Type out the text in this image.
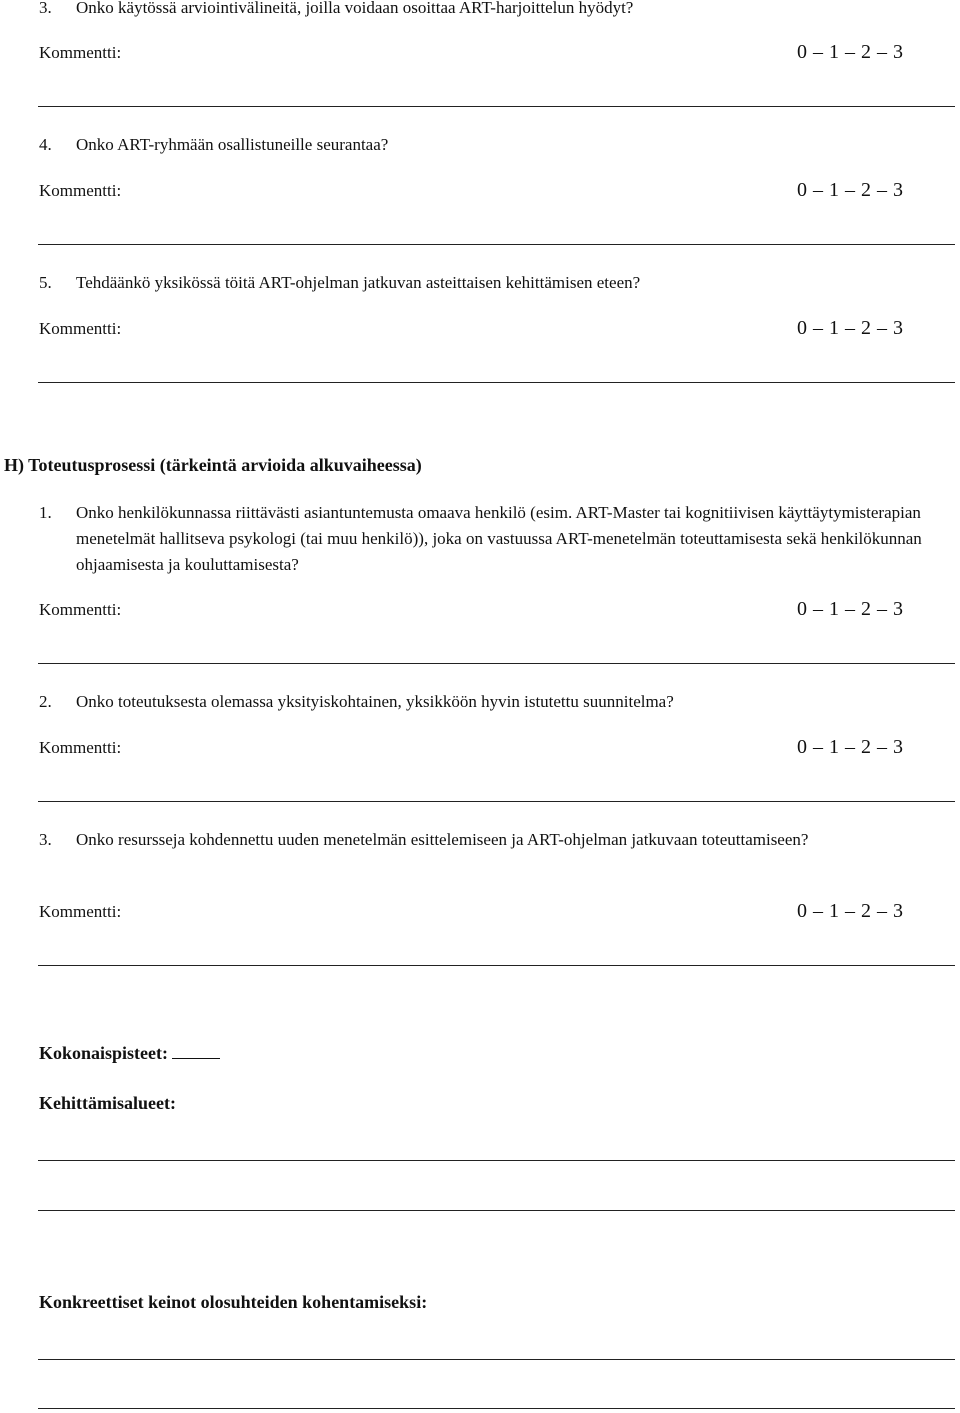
3. Onko käytössä arviointivälineitä, joilla voidaan osoittaa ART-harjoittelun hyödyt?
Kommentti:	0 – 1 – 2 – 3
4. Onko ART-ryhmään osallistuneille seurantaa?
Kommentti:	0 – 1 – 2 – 3
5. Tehdäänkö yksikössä töitä ART-ohjelman jatkuvan asteittaisen kehittämisen eteen?
Kommentti:	0 – 1 – 2 – 3
H) Toteutusprosessi (tärkeintä arvioida alkuvaiheessa)
1. Onko henkilökunnassa riittävästi asiantuntemusta omaava henkilö (esim. ART-Master tai kognitiivisen käyttäytymisterapian menetelmät hallitseva psykologi (tai muu henkilö)), joka on vastuussa ART-menetelmän toteuttamisesta sekä henkilökunnan ohjaamisesta ja kouluttamisesta?
Kommentti:	0 – 1 – 2 – 3
2. Onko toteutuksesta olemassa yksityiskohtainen, yksikköön hyvin istutettu suunnitelma?
Kommentti:	0 – 1 – 2 – 3
3. Onko resursseja kohdennettu uuden menetelmän esittelemiseen ja ART-ohjelman jatkuvaan toteuttamiseen?
Kommentti:	0 – 1 – 2 – 3
Kokonaispisteet:
Kehittämisalueet:
Konkreettiset keinot olosuhteiden kohentamiseksi:
